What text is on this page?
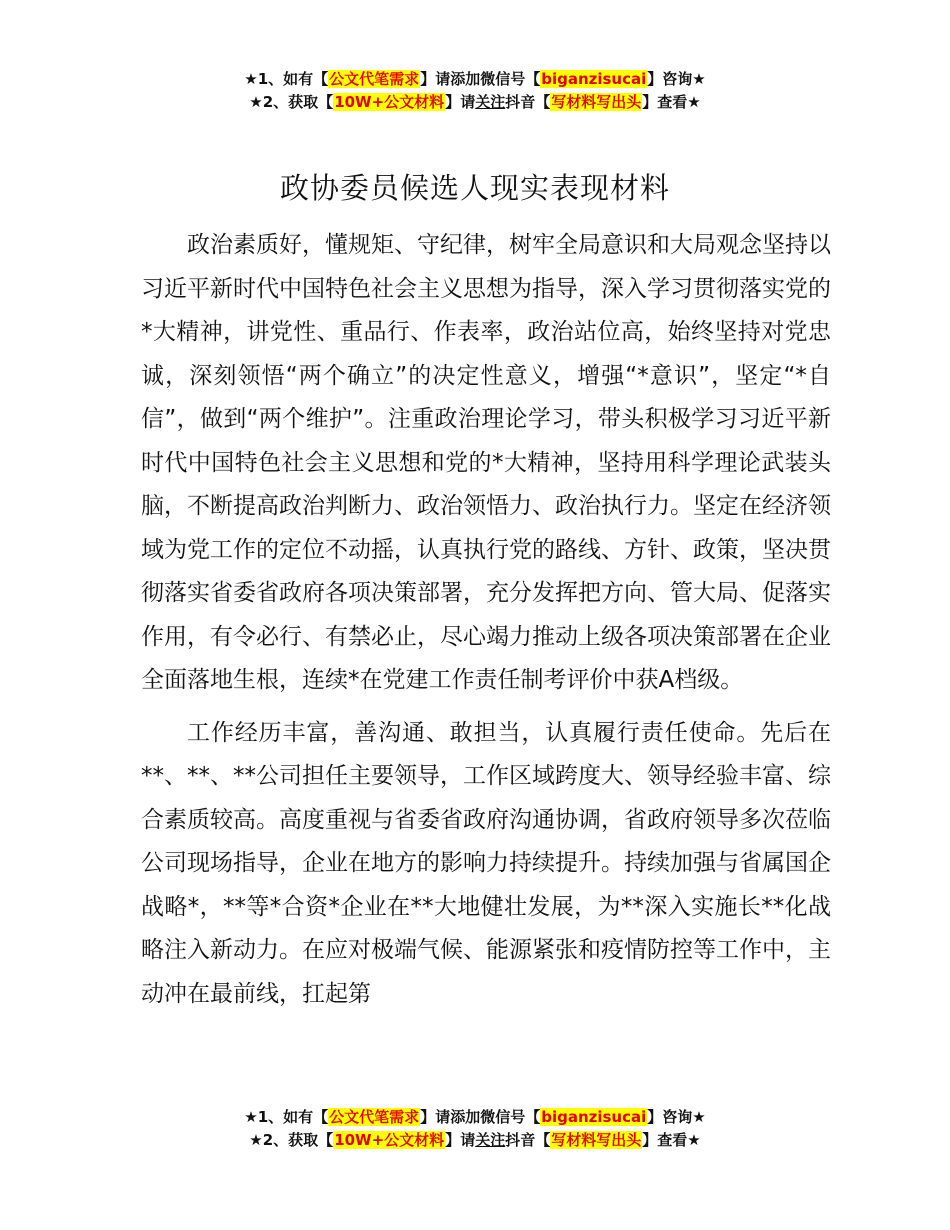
★1、如有【公文代笔需求】请添加微信号【biganzisucai】咨询★
★2、获取【10W+公文材料】请关注抖音【写材料写出头】查看★
政协委员候选人现实表现材料

政治素质好，懂规矩、守纪律，树牢全局意识和大局观念坚持以习近平新时代中国特色社会主义思想为指导，深入学习贯彻落实党的*大精神，讲党性、重品行、作表率，政治站位高，始终坚持对党忠诚，深刻领悟“两个确立”的决定性意义，增强“*意识”，坚定“*自信”，做到“两个维护”。注重政治理论学习，带头积极学习习近平新时代中国特色社会主义思想和党的*大精神，坚持用科学理论武装头脑，不断提高政治判断力、政治领悟力、政治执行力。坚定在经济领域为党工作的定位不动摇，认真执行党的路线、方针、政策，坚决贯彻落实省委省政府各项决策部署，充分发挥把方向、管大局、促落实作用，有令必行、有禁必止，尽心竭力推动上级各项决策部署在企业全面落地生根，连续*在党建工作责任制考评价中获A档级。

工作经历丰富，善沟通、敢担当，认真履行责任使命。先后在**、**、**公司担任主要领导，工作区域跨度大、领导经验丰富、综合素质较高。高度重视与省委省政府沟通协调，省政府领导多次莅临公司现场指导，企业在地方的影响力持续提升。持续加强与省属国企战略*，**等*合资*企业在**大地健壮发展，为**深入实施长**化战略注入新动力。在应对极端气候、能源紧张和疫情防控等工作中，主动冲在最前线，扛起第

★1、如有【公文代笔需求】请添加微信号【biganzisucai】咨询★
★2、获取【10W+公文材料】请关注抖音【写材料写出头】查看★
